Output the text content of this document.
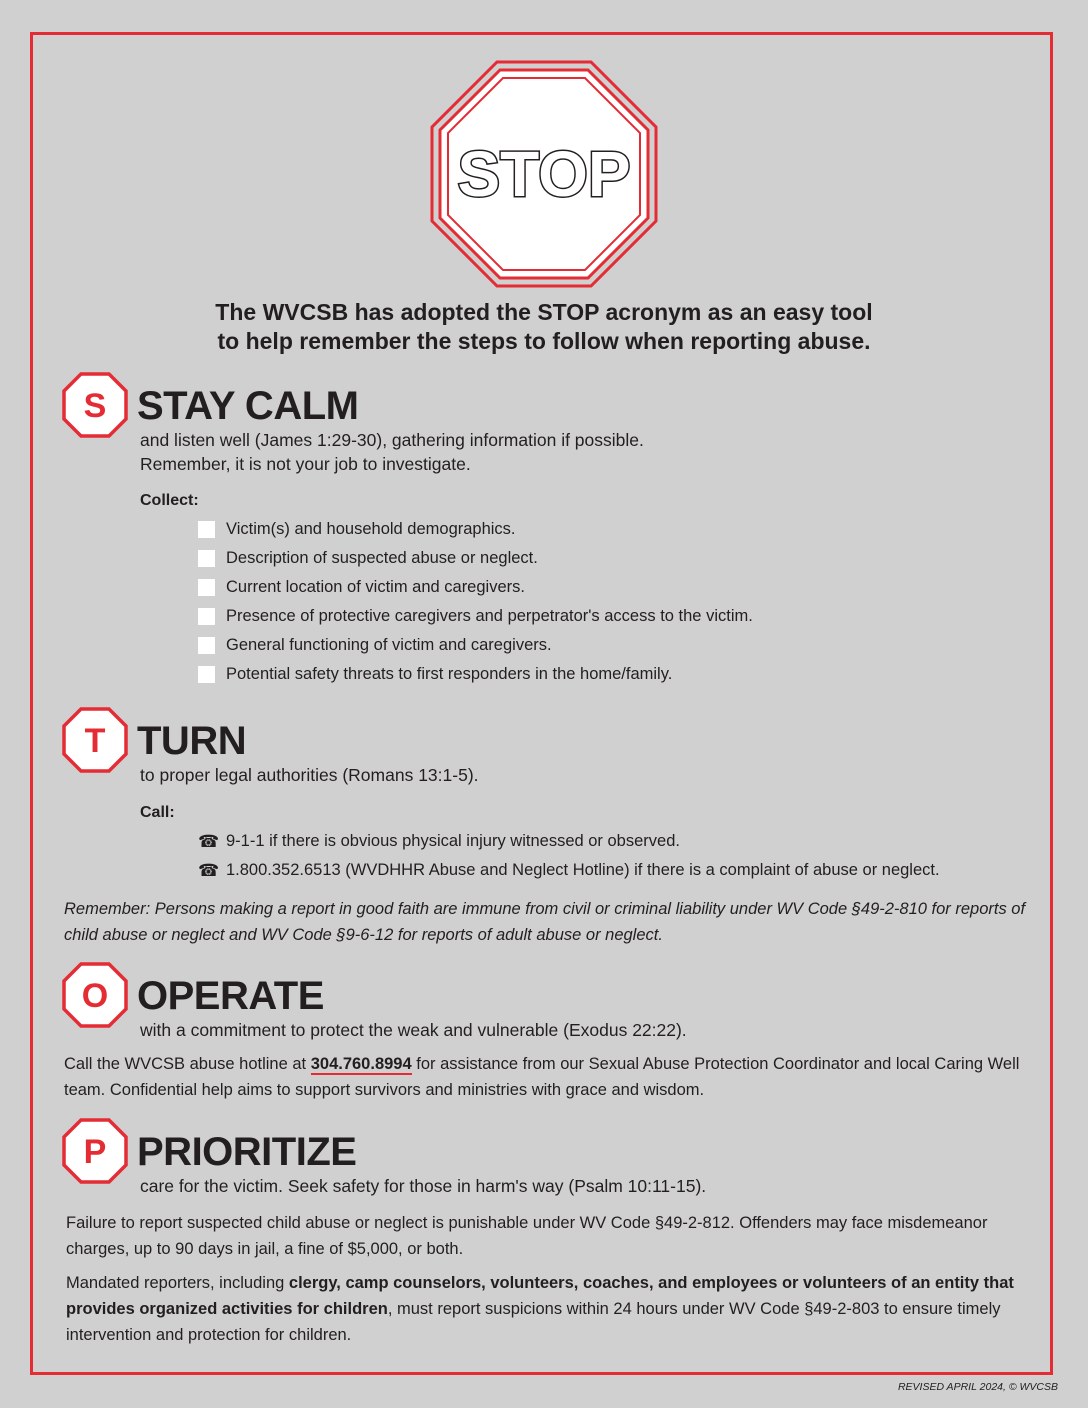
STOP
The WVCSB has adopted the STOP acronym as an easy tool
to help remember the steps to follow when reporting abuse.
S STAY CALM
and listen well (James 1:29-30), gathering information if possible.
Remember, it is not your job to investigate.
Collect:
Victim(s) and household demographics.
Description of suspected abuse or neglect.
Current location of victim and caregivers.
Presence of protective caregivers and perpetrator's access to the victim.
General functioning of victim and caregivers.
Potential safety threats to first responders in the home/family.
T TURN
to proper legal authorities (Romans 13:1-5).
Call:
☎ 9-1-1 if there is obvious physical injury witnessed or observed.
☎ 1.800.352.6513 (WVDHHR Abuse and Neglect Hotline) if there is a complaint of abuse or neglect.
Remember: Persons making a report in good faith are immune from civil or criminal liability under WV Code §49-2-810 for reports of child abuse or neglect and WV Code §9-6-12 for reports of adult abuse or neglect.
O OPERATE
with a commitment to protect the weak and vulnerable (Exodus 22:22).
Call the WVCSB abuse hotline at 304.760.8994 for assistance from our Sexual Abuse Protection Coordinator and local Caring Well team. Confidential help aims to support survivors and ministries with grace and wisdom.
P PRIORITIZE
care for the victim. Seek safety for those in harm's way (Psalm 10:11-15).
Failure to report suspected child abuse or neglect is punishable under WV Code §49-2-812. Offenders may face misdemeanor charges, up to 90 days in jail, a fine of $5,000, or both.
Mandated reporters, including clergy, camp counselors, volunteers, coaches, and employees or volunteers of an entity that provides organized activities for children, must report suspicions within 24 hours under WV Code §49-2-803 to ensure timely intervention and protection for children.
REVISED APRIL 2024, © WVCSB
